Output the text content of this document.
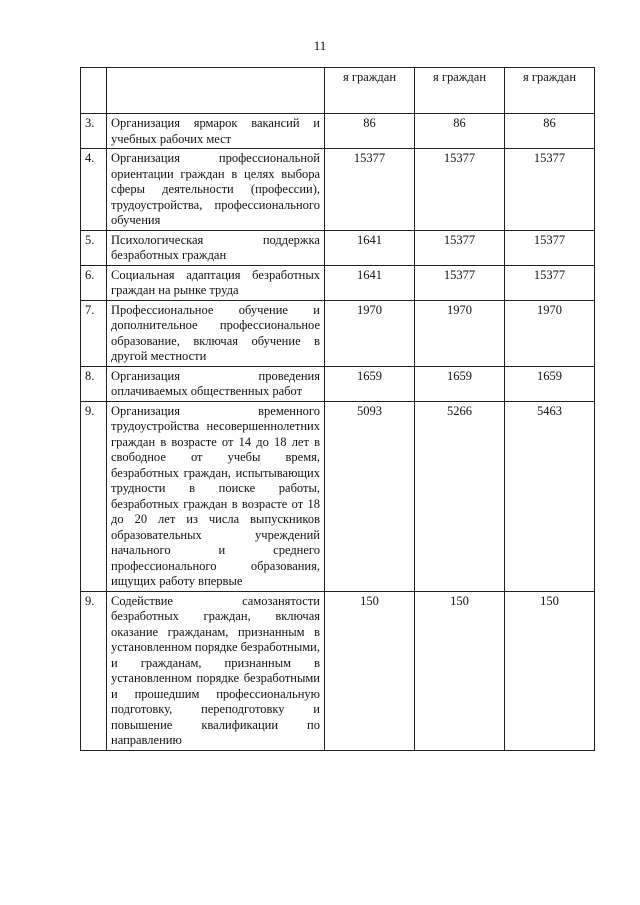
11
		я граждан	я граждан	я граждан
3.	Организация ярмарок вакансий и учебных рабочих мест	86	86	86
4.	Организация профессиональной ориентации граждан в целях выбора сферы деятельности (профессии), трудоустройства, профессионального обучения	15377	15377	15377
5.	Психологическая поддержка безработных граждан	1641	15377	15377
6.	Социальная адаптация безработных граждан на рынке труда	1641	15377	15377
7.	Профессиональное обучение и дополнительное профессиональное образование, включая обучение в другой местности	1970	1970	1970
8.	Организация проведения оплачиваемых общественных работ	1659	1659	1659
9.	Организация временного трудоустройства несовершеннолетних граждан в возрасте от 14 до 18 лет в свободное от учебы время, безработных граждан, испытывающих трудности в поиске работы, безработных граждан в возрасте от 18 до 20 лет из числа выпускников образовательных учреждений начального и среднего профессионального образования, ищущих работу впервые	5093	5266	5463
9.	Содействие самозанятости безработных граждан, включая оказание гражданам, признанным в установленном порядке безработными, и гражданам, признанным в установленном порядке безработными и прошедшим профессиональную подготовку, переподготовку и повышение квалификации по направлению	150	150	150
